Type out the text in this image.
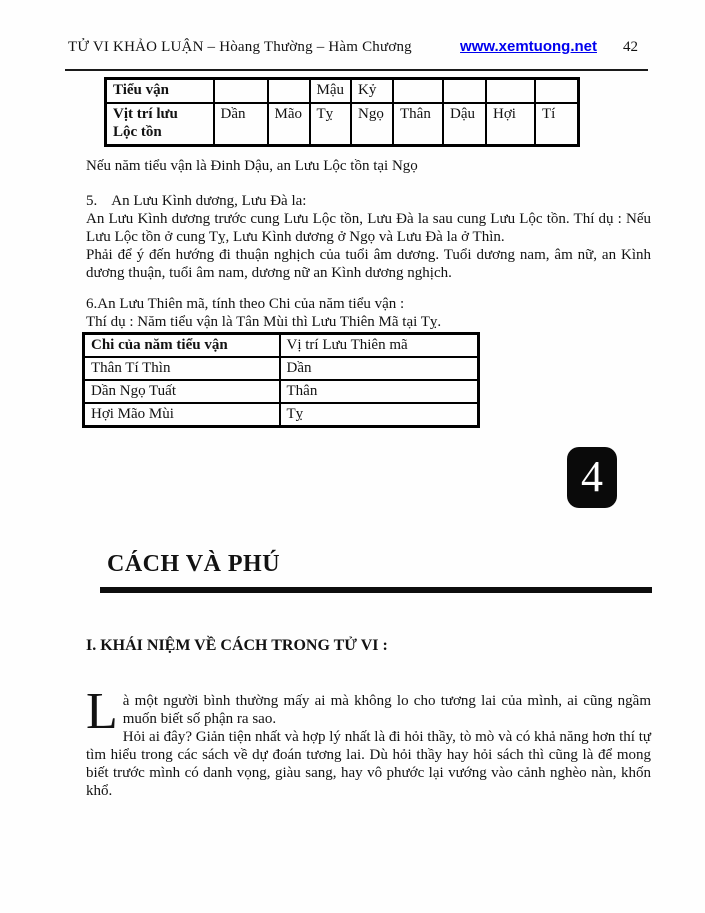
TỬ VI KHẢO LUẬN – Hòang Thường – Hàm Chương	www.xemtuong.net 42
Tiểu vận			Mậu	Kỷ				

Vịt trí lưu
Lộc tồn	Dần	Mão	Tỵ	Ngọ	Thân	Dậu	Hợi	Tí
Nếu năm tiểu vận là Đinh Dậu, an Lưu Lộc tồn tại Ngọ
5. An Lưu Kình dương, Lưu Đà la:
An Lưu Kình dương trước cung Lưu Lộc tồn, Lưu Đà la sau cung Lưu Lộc tồn. Thí dụ : Nếu Lưu Lộc tồn ở cung Tỵ, Lưu Kình dương ở Ngọ và Lưu Đà la ở Thìn.
Phải để ý đến hướng đi thuận nghịch của tuổi âm dương. Tuổi dương nam, âm nữ, an Kình dương thuận, tuổi âm nam, dương nữ an Kình dương nghịch.
6.An Lưu Thiên mã, tính theo Chi của năm tiểu vận :
Thí dụ : Năm tiểu vận là Tân Mùi thì Lưu Thiên Mã tại Tỵ.
Chi của năm tiểu vận	Vị trí Lưu Thiên mã
Thân Tí Thìn	Dần
Dần Ngọ Tuất	Thân
Hợi Mão Mùi	Tỵ
4
CÁCH VÀ PHÚ
I. KHÁI NIỆM VỀ CÁCH TRONG TỬ VI :
Là một người bình thường mấy ai mà không lo cho tương lai của mình, ai cũng ngầm muốn biết số phận ra sao.
Hỏi ai đây? Giản tiện nhất và hợp lý nhất là đi hỏi thầy, tò mò và có khả năng hơn thí tự tìm hiểu trong các sách về dự đoán tương lai. Dù hỏi thầy hay hỏi sách thì cũng là để mong biết trước mình có danh vọng, giàu sang, hay vô phước lại vướng vào cảnh nghèo nàn, khốn khổ.
